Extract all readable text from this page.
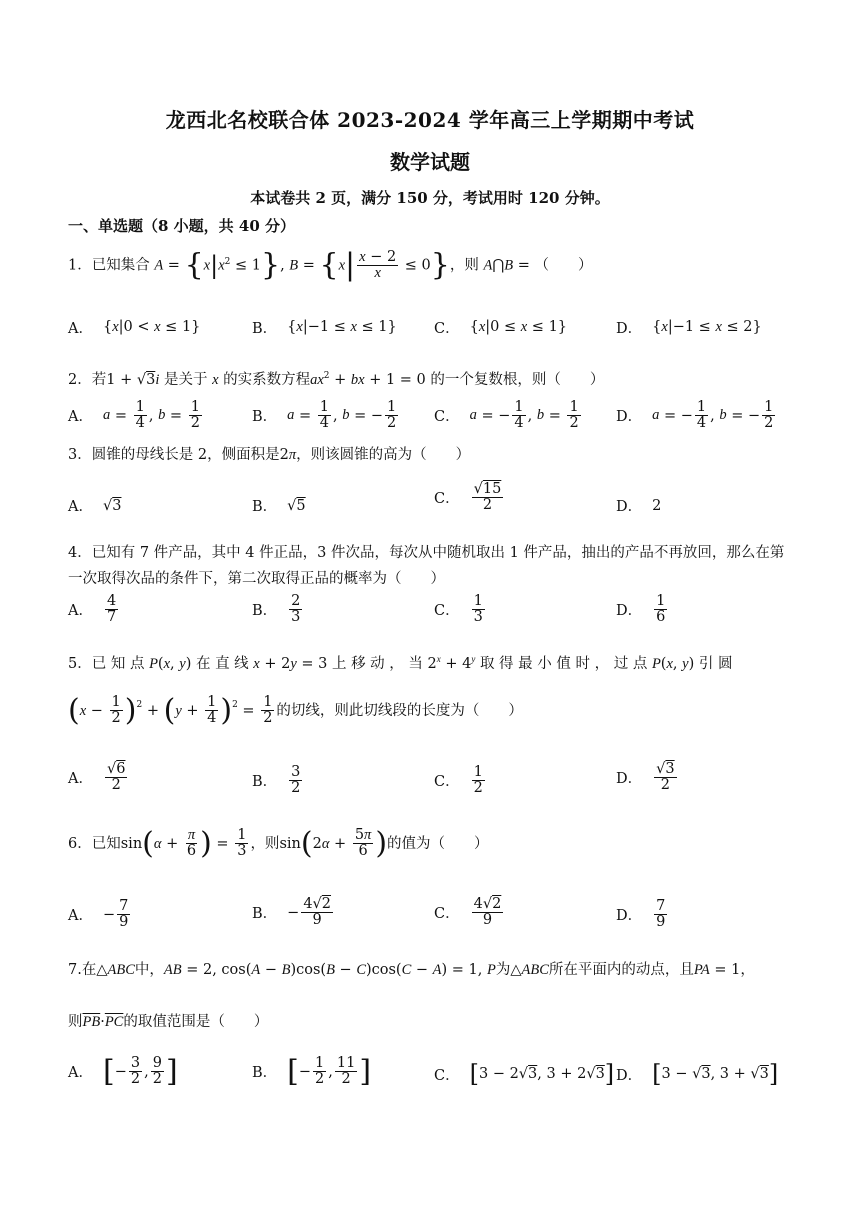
龙西北名校联合体 2023-2024 学年高三上学期期中考试
数学试题
本试卷共 2 页，满分 150 分，考试用时 120 分钟。
一、单选题（8 小题，共 40 分）
1．已知集合 $A = \{x|x^2 \le 1\}$, $B = \{x| \frac{x - 2}{x} \le 0\}$，则 A⋂B = （　　）
A． {x|0 < x ≤ 1}	B． {x|−1 ≤ x ≤ 1}	C． {x|0 ≤ x ≤ 1}	D． {x|−1 ≤ x ≤ 2}
2．若1 + √3i 是关于 x 的实系数方程$ax^2$ + bx + 1 = 0 的一个复数根，则（　　）
A． $a = \frac{1}{4}$ , $b = \frac{1}{2}$	B． $a = \frac{1}{4}$ , b = − $\frac{1}{2}$ C． a = − $\frac{1}{4}$ , $b = \frac{1}{2}$ D． a = − $\frac{1}{4}$ , b = − $\frac{1}{2}$
3．圆锥的母线长是 2，侧面积是2π，则该圆锥的高为（　　）
A． √3	B． √5	C． $\frac{√15}{2}$	D． 2
4．已知有 7 件产品，其中 4 件正品，3 件次品，每次从中随机取出 1 件产品，抽出的产品不再放回，那么在第一次取得次品的条件下，第二次取得正品的概率为（　　）
A． $\frac{4}{7}$	B． $\frac{2}{3}$	C． $\frac{1}{3}$	D． $\frac{1}{6}$
5．已 知 点 P(x, y) 在 直 线 x + 2y = 3 上 移 动 ， 当 $2^x + 4^y$ 取 得 最 小 值 时 ， 过 点 P(x, y) 引 圆
( $x - \frac{1}{2} )^2$ + ( $y + \frac{1}{4} )^2 = \frac{1}{2}$ 的切线，则此切线段的长度为 （　　）
A． $\frac{√6}{2}$	B． $\frac{3}{2}$	C． $\frac{1}{2}$	D． $\frac{√3}{2}$
6． 已知 sin ( $\alpha + \frac{\pi}{6}$ ) = $\frac{1}{3}$ ，则 sin ( 2 $\alpha + \frac{5\pi}{6}$ ) 的值为 （　　）
A． − $\frac{7}{9}$	B． − $\frac{4√2}{9}$	C． $\frac{4√2}{9}$	D． $\frac{7}{9}$
7.在△ABC中，AB = 2, cos(A − B)cos(B − C)cos(C − A) = 1, P为△ABC所在平面内的动点，且PA = 1，
则$\overline{PB}\cdot\overline{PC}$的取值范围是（　　）
A． [ − $\frac{3}{2}$ , $\frac{9}{2}$ ]	B． [ − $\frac{1}{2}$ , $\frac{11}{2}$ ]	C． [ 3 − 2√ 3 , 3 + 2√ 3 ] D． [ 3 − √ 3 , 3 + √ 3 ]
